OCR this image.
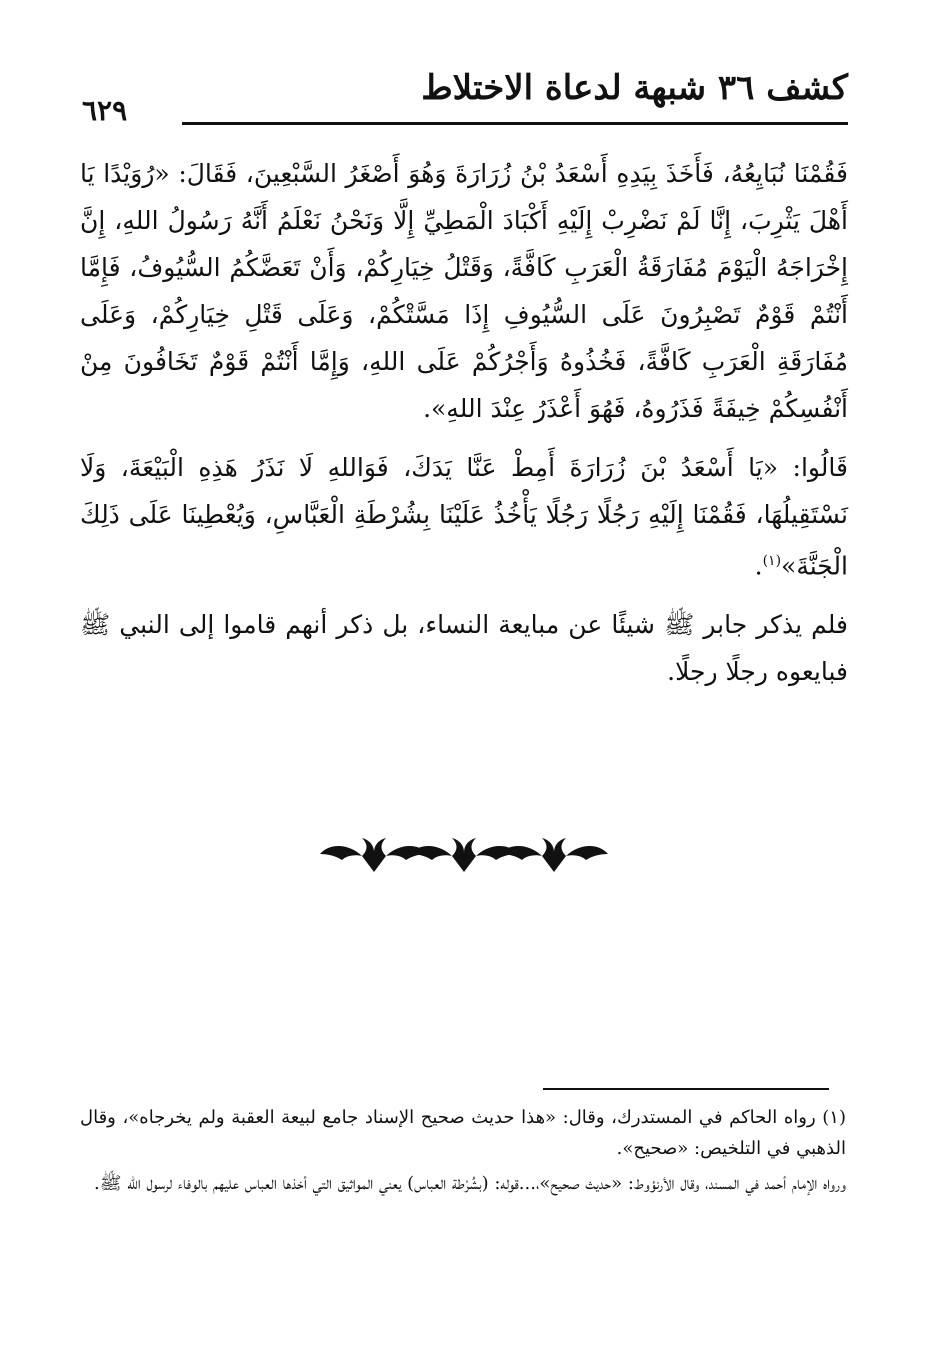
كشف ٣٦ شبهة لدعاة الاختلاط
٦٢٩

فَقُمْنَا نُبَايِعُهُ، فَأَخَذَ بِيَدِهِ أَسْعَدُ بْنُ زُرَارَةَ وَهُوَ أَصْغَرُ السَّبْعِينَ، فَقَالَ: «رُوَيْدًا يَا أَهْلَ يَثْرِبَ، إِنَّا لَمْ نَضْرِبْ إِلَيْهِ أَكْبَادَ الْمَطِيِّ إِلَّا وَنَحْنُ نَعْلَمُ أَنَّهُ رَسُولُ اللهِ، إِنَّ إِخْرَاجَهُ الْيَوْمَ مُفَارَقَةُ الْعَرَبِ كَافَّةً، وَقَتْلُ خِيَارِكُمْ، وَأَنْ تَعَضَّكُمُ السُّيُوفُ، فَإِمَّا أَنْتُمْ قَوْمٌ تَصْبِرُونَ عَلَى السُّيُوفِ إِذَا مَسَّتْكُمْ، وَعَلَى قَتْلِ خِيَارِكُمْ، وَعَلَى مُفَارَقَةِ الْعَرَبِ كَافَّةً، فَخُذُوهُ وَأَجْرُكُمْ عَلَى اللهِ، وَإِمَّا أَنْتُمْ قَوْمٌ تَخَافُونَ مِنْ أَنْفُسِكُمْ خِيفَةً فَذَرُوهُ، فَهُوَ أَعْذَرُ عِنْدَ اللهِ».

قَالُوا: «يَا أَسْعَدُ بْنَ زُرَارَةَ أَمِطْ عَنَّا يَدَكَ، فَوَاللهِ لَا نَذَرُ هَذِهِ الْبَيْعَةَ، وَلَا نَسْتَقِيلُهَا، فَقُمْنَا إِلَيْهِ رَجُلًا رَجُلًا يَأْخُذُ عَلَيْنَا بِشُرْطَةِ الْعَبَّاسِ، وَيُعْطِينَا عَلَى ذَلِكَ الْجَنَّةَ»$^{(١)}$.

فلم يذكر جابر ﷺ شيئًا عن مبايعة النساء، بل ذكر أنهم قاموا إلى النبي ﷺ فبايعوه رجلًا رجلًا.

(١) رواه الحاكم في المستدرك، وقال: «هذا حديث صحيح الإسناد جامع لبيعة العقبة ولم يخرجاه»، وقال الذهبي في التلخيص: «صحيح».

ورواه الإمام أحمد في المسند، وقال الأرنؤوط: «حديث صحيح»،...قوله: (بشُرْطة العباس) يعني المواثيق التي أخذها العباس عليهم بالوفاء لرسول الله ﷺ.
